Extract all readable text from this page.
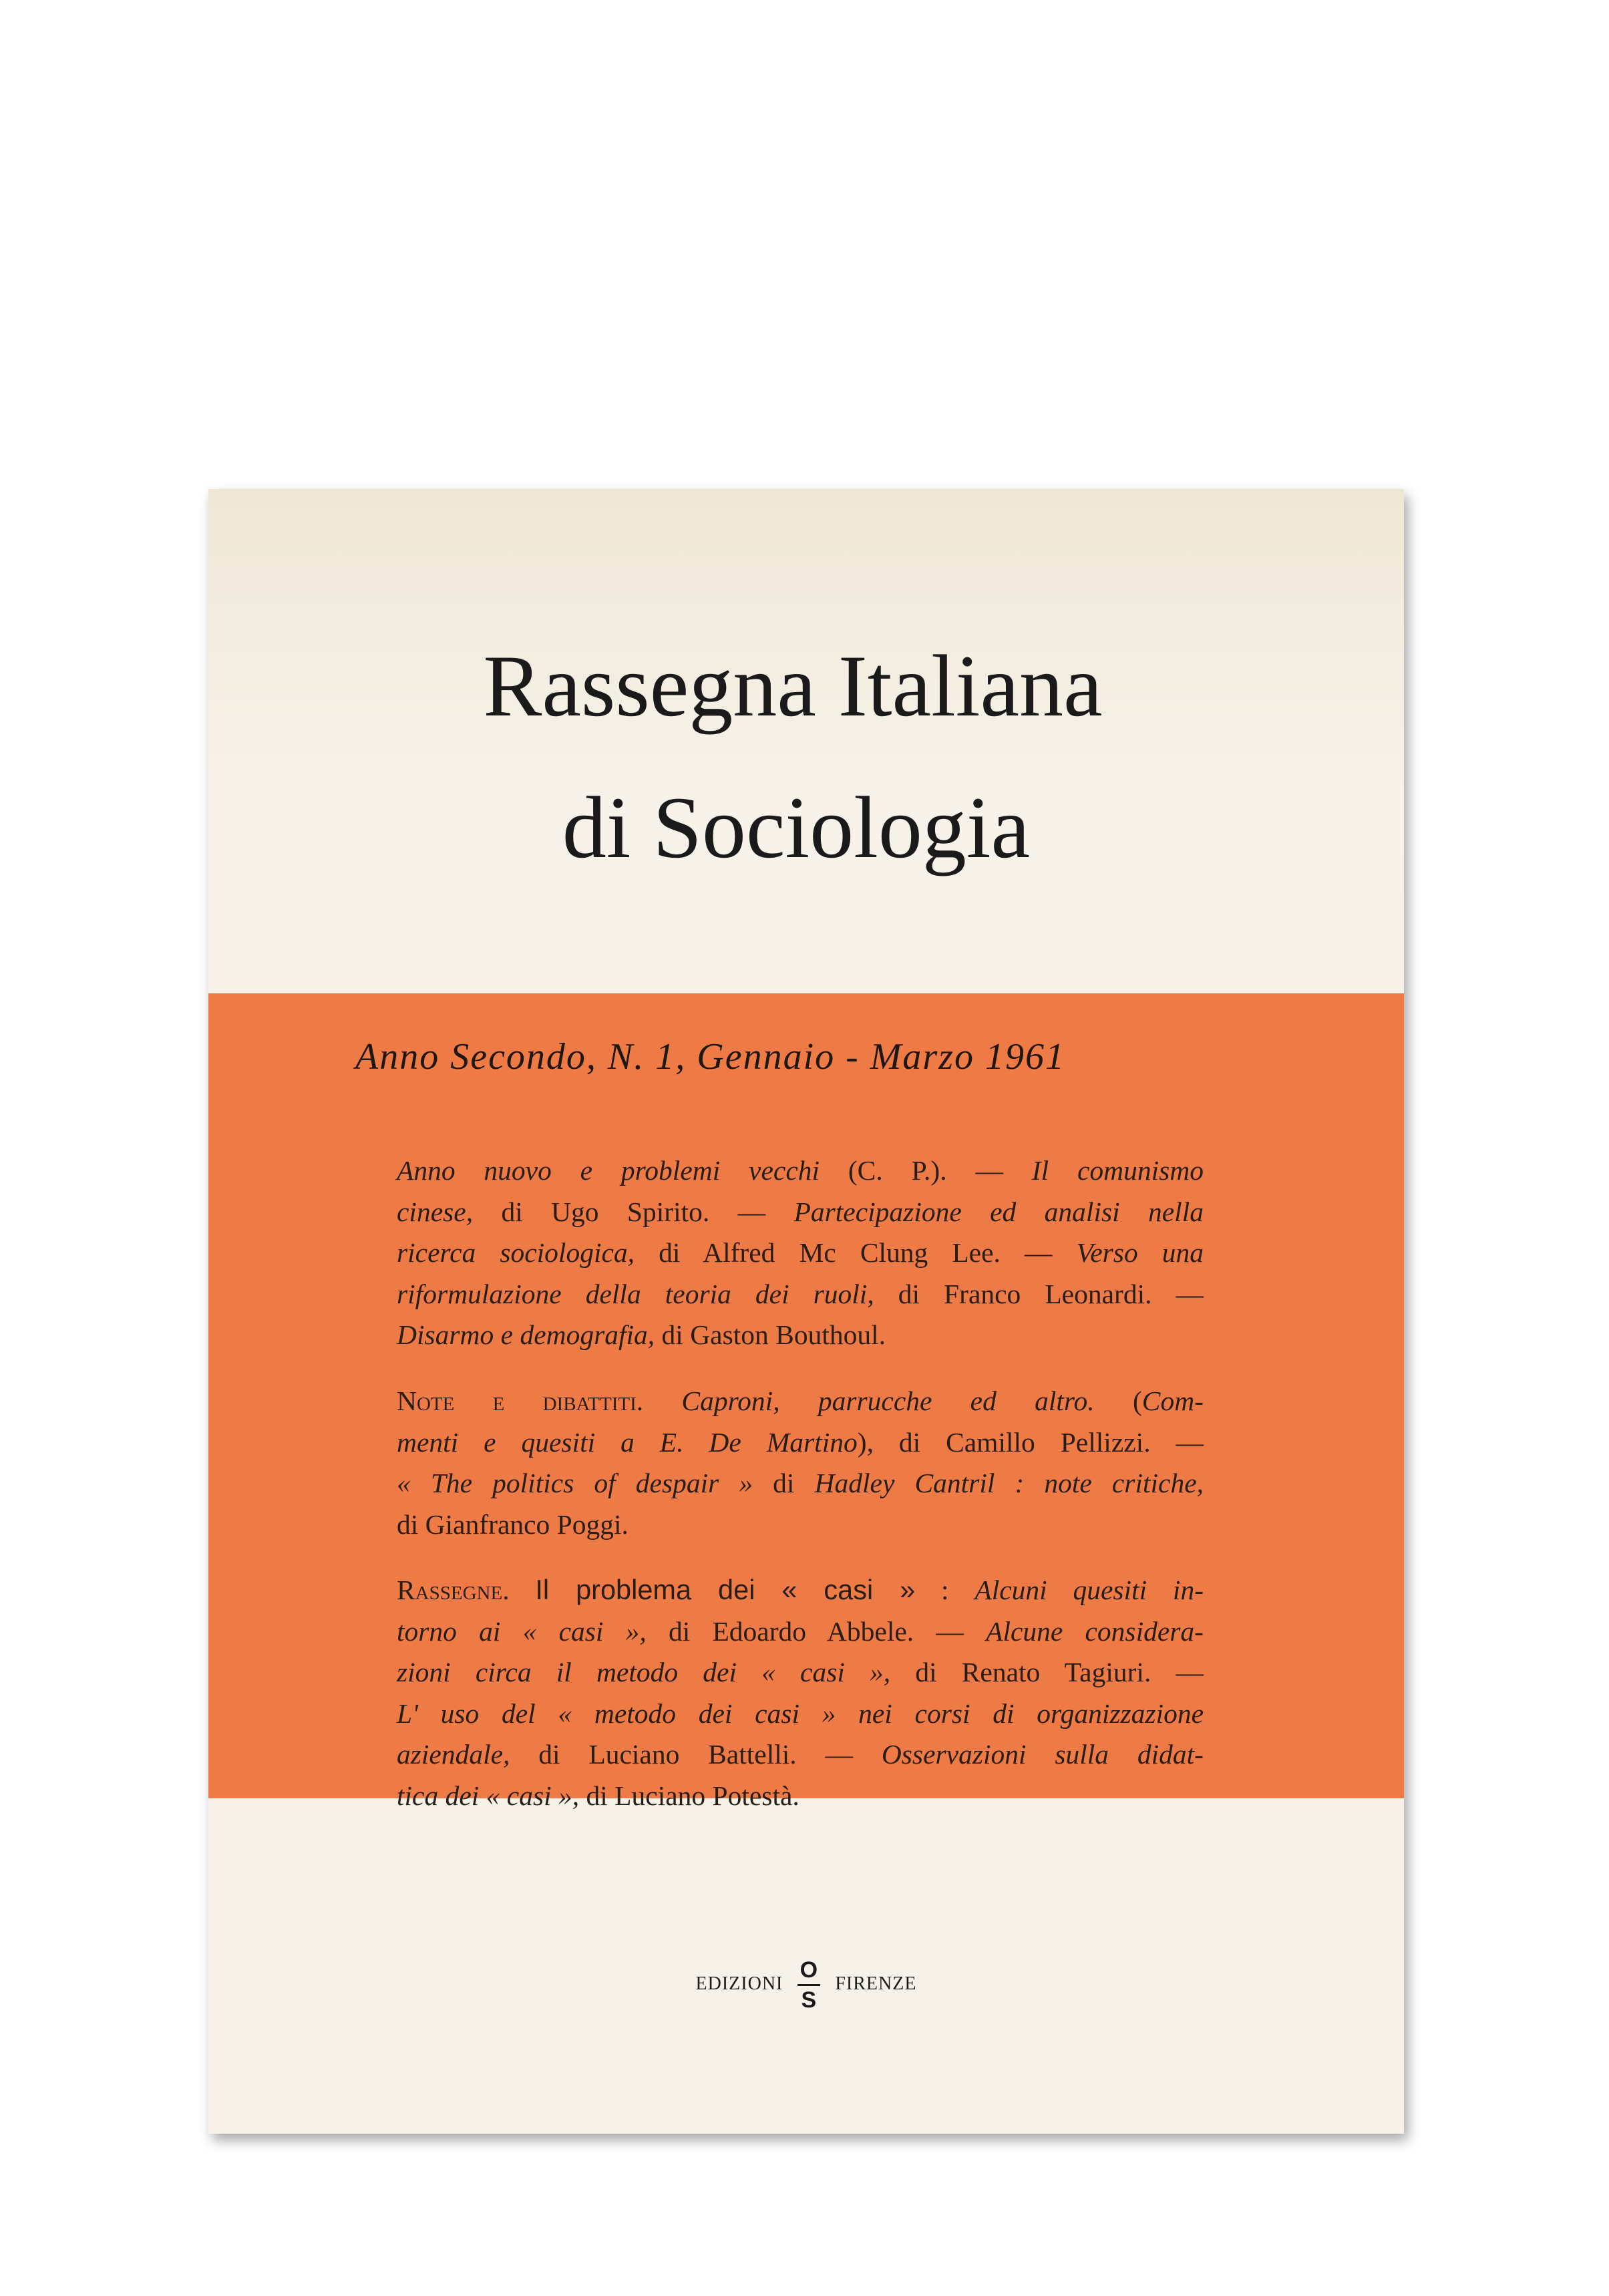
Rassegna Italiana
di Sociologia
Anno Secondo, N. 1, Gennaio - Marzo 1961
Anno nuovo e problemi vecchi (C. P.). — Il comunismo
cinese, di Ugo Spirito. — Partecipazione ed analisi nella
ricerca sociologica, di Alfred Mc Clung Lee. — Verso una
riformulazione della teoria dei ruoli, di Franco Leonardi. —
Disarmo e demografia, di Gaston Bouthoul.
Note e dibattiti. Caproni, parrucche ed altro. (Com-
menti e quesiti a E. De Martino), di Camillo Pellizzi. —
« The politics of despair » di Hadley Cantril : note critiche,
di Gianfranco Poggi.
Rassegne. Il problema dei « casi » : Alcuni quesiti in-
torno ai « casi », di Edoardo Abbele. — Alcune considera-
zioni circa il metodo dei « casi », di Renato Tagiuri. —
L' uso del « metodo dei casi » nei corsi di organizzazione
aziendale, di Luciano Battelli. — Osservazioni sulla didat-
tica dei « casi », di Luciano Potestà.
EDIZIONI $\frac{O}{S}$ FIRENZE
